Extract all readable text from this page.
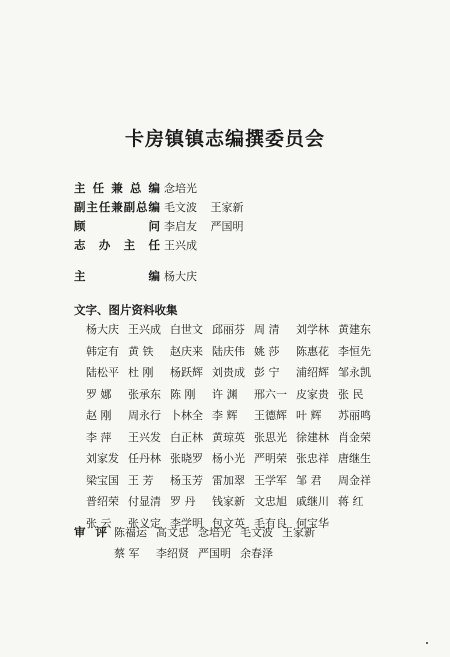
卡房镇镇志编撰委员会
主 任 兼 总 编 念培光
副 主 任 兼 副 总 编 毛文波 王家新
顾	问 李启友 严国明
志 办 主 任 王兴成
主	编 杨大庆
文字、图片资料收集
杨大庆 王兴成 白世文 邱丽芬 周 清	刘学林 黄建东
韩定有 黄 铁	赵庆来 陆庆伟 姚 莎	陈惠花 李恒先
陆松平 杜 刚	杨跃辉 刘贵成 彭 宁	浦绍辉 邹永凯
罗 娜	张承东 陈 刚	许 渊	邢六一 皮家贵 张 民
赵 刚	周永行 卜林全 李 辉	王德辉 叶 辉	苏丽鸣
李 萍	王兴发 白正林 黄琼英 张思光 徐建林 肖金荣
刘家发 任丹林 张晓罗 杨小光 严明荣 张忠祥 唐继生
梁宝国 王 芳	杨玉芳 雷加翠 王学军 邹 君	周金祥
普绍荣 付显清 罗 丹	钱家新 文忠旭 戚继川 蒋 红
张 云	张义定 李学明 包文英 毛有良 何宝华
审 评 陈福运 高文忠 念培光 毛文波 王家新
蔡 军	李绍贤 严国明 余春泽
